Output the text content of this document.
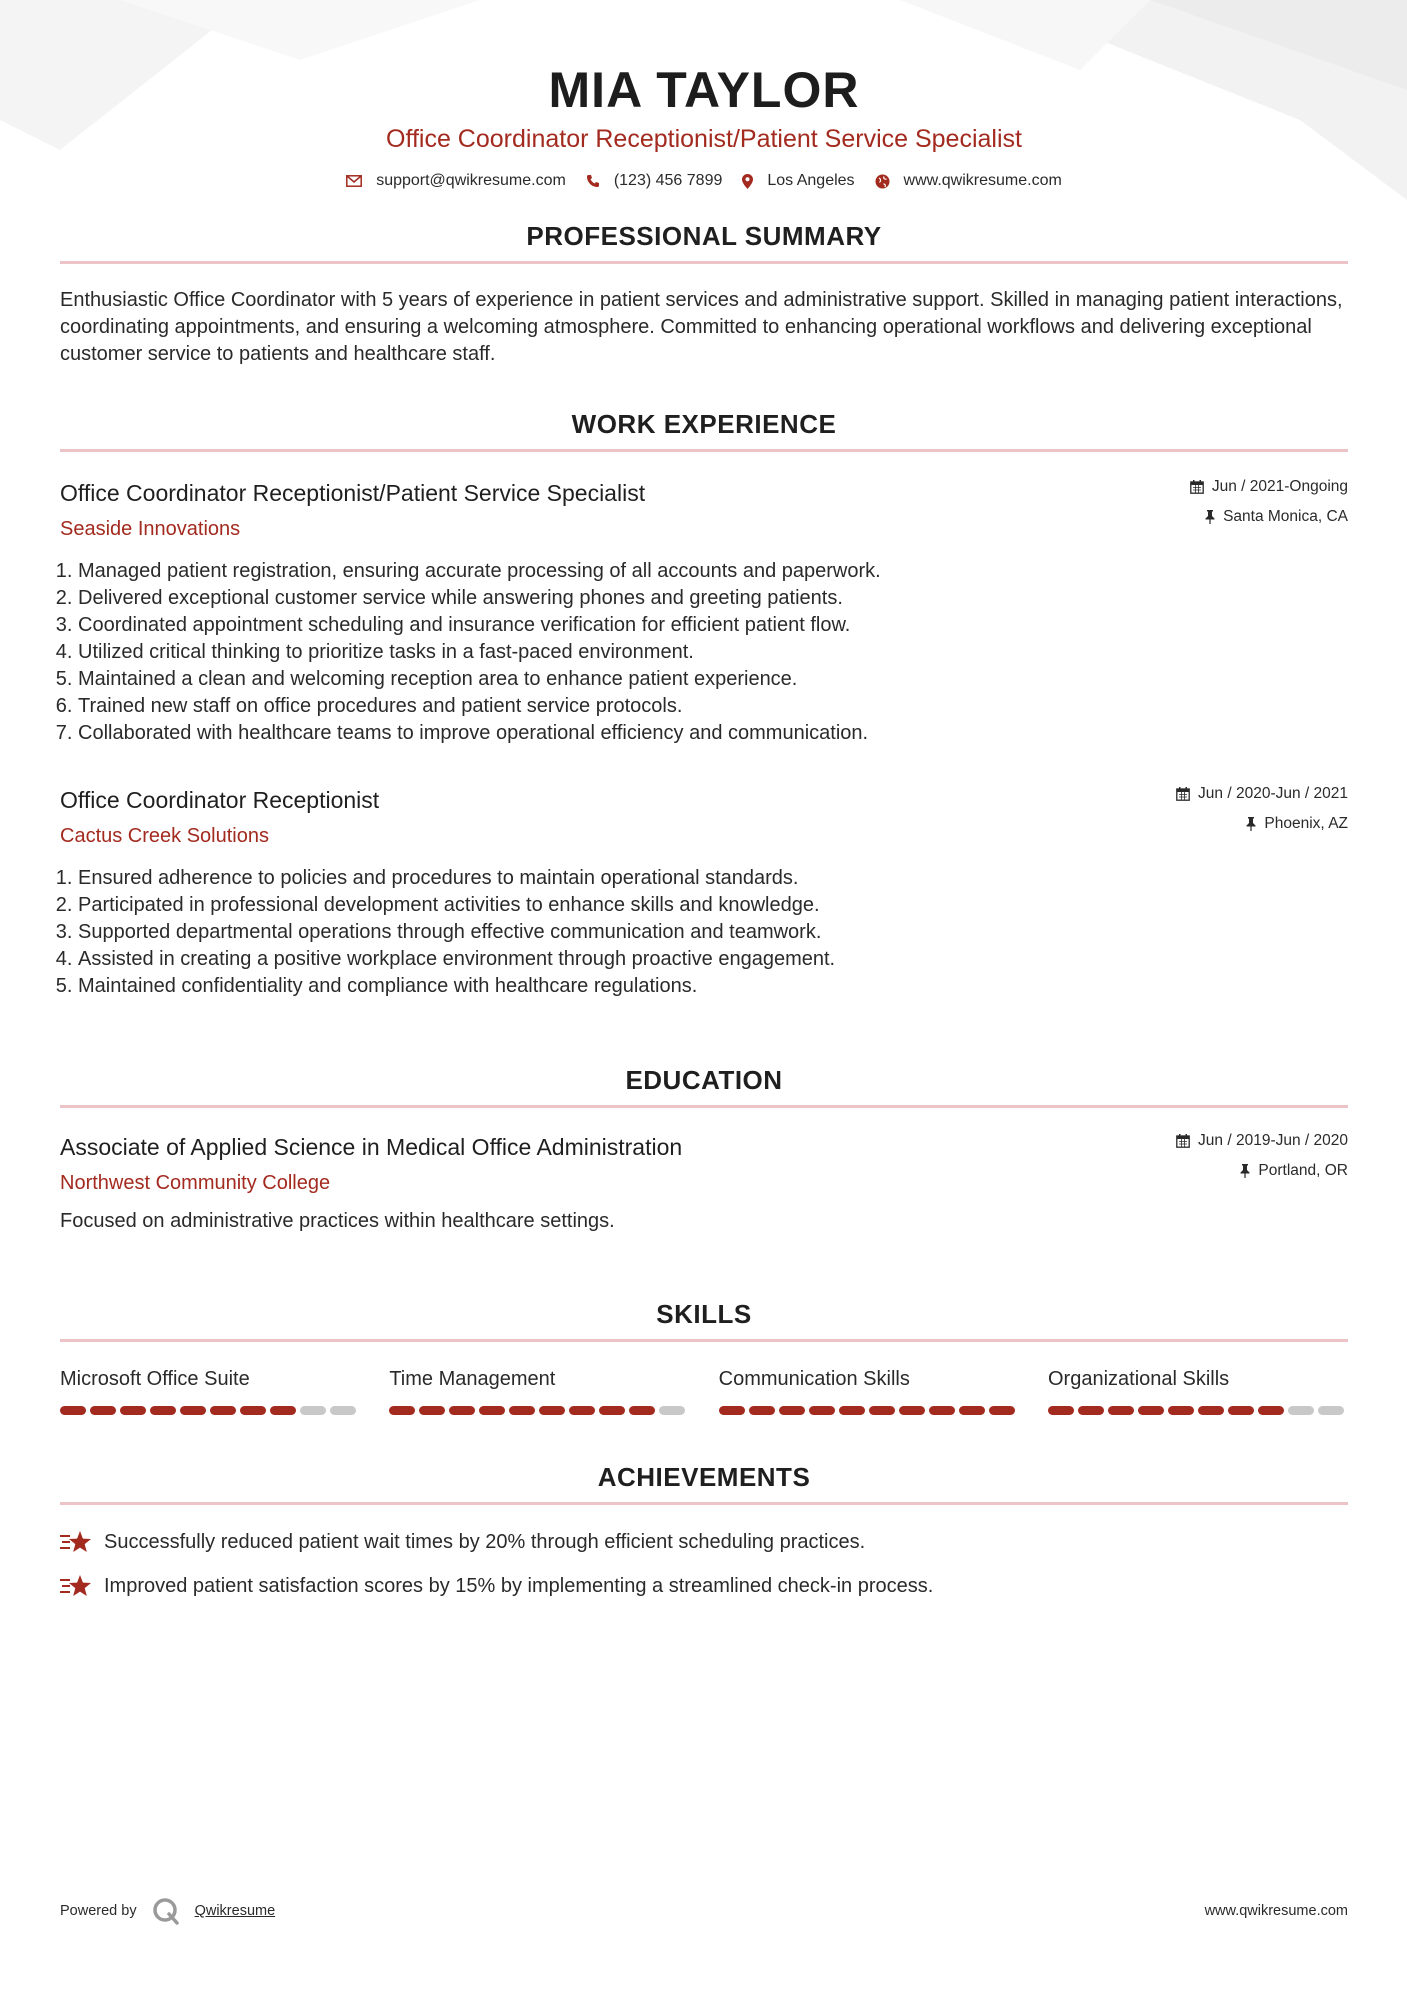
MIA TAYLOR
Office Coordinator Receptionist/Patient Service Specialist
support@qwikresume.com	(123) 456 7899	Los Angeles	www.qwikresume.com
PROFESSIONAL SUMMARY

Enthusiastic Office Coordinator with 5 years of experience in patient services and administrative support. Skilled in managing patient interactions, coordinating appointments, and ensuring a welcoming atmosphere. Committed to enhancing operational workflows and delivering exceptional customer service to patients and healthcare staff.

WORK EXPERIENCE
Office Coordinator Receptionist/Patient Service Specialist
Seaside Innovations
Jun / 2021-Ongoing
Santa Monica, CA
1. Managed patient registration, ensuring accurate processing of all accounts and paperwork.
2. Delivered exceptional customer service while answering phones and greeting patients.
3. Coordinated appointment scheduling and insurance verification for efficient patient flow.
4. Utilized critical thinking to prioritize tasks in a fast-paced environment.
5. Maintained a clean and welcoming reception area to enhance patient experience.
6. Trained new staff on office procedures and patient service protocols.
7. Collaborated with healthcare teams to improve operational efficiency and communication.
Office Coordinator Receptionist
Cactus Creek Solutions
Jun / 2020-Jun / 2021
Phoenix, AZ
1. Ensured adherence to policies and procedures to maintain operational standards.
2. Participated in professional development activities to enhance skills and knowledge.
3. Supported departmental operations through effective communication and teamwork.
4. Assisted in creating a positive workplace environment through proactive engagement.
5. Maintained confidentiality and compliance with healthcare regulations.
EDUCATION
Associate of Applied Science in Medical Office Administration
Northwest Community College
Jun / 2019-Jun / 2020
Portland, OR
Focused on administrative practices within healthcare settings.
SKILLS
Microsoft Office Suite	Time Management	Communication Skills	Organizational Skills
ACHIEVEMENTS
Successfully reduced patient wait times by 20% through efficient scheduling practices.
Improved patient satisfaction scores by 15% by implementing a streamlined check-in process.
Powered by	Qwikresume	www.qwikresume.com
